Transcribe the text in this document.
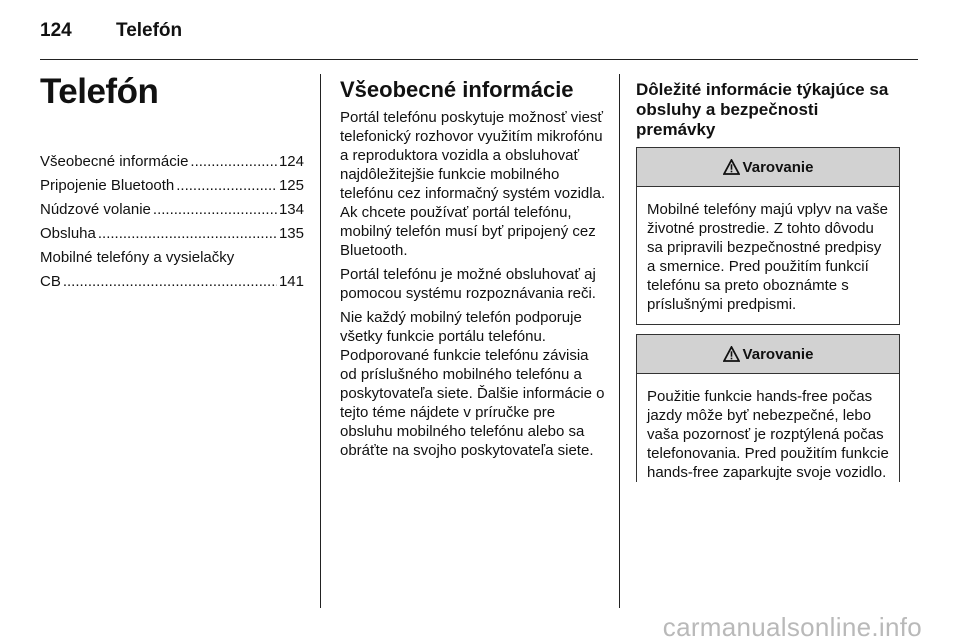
124 Telefón
Telefón
Všeobecné informácie .....	124
Pripojenie Bluetooth .....	125
Núdzové volanie .....	134
Obsluha .....	135
Mobilné telefóny a vysielačky
CB .....	141
Všeobecné informácie

Portál telefónu poskytuje možnosť viesť telefonický rozhovor využitím mikrofónu a reproduktora vozidla a obsluhovať najdôležitejšie funkcie mobilného telefónu cez informačný systém vozidla. Ak chcete používať portál telefónu, mobilný telefón musí byť pripojený cez Bluetooth.

Portál telefónu je možné obsluhovať aj pomocou systému rozpoznávania reči.

Nie každý mobilný telefón podporuje všetky funkcie portálu telefónu. Podporované funkcie telefónu závisia od príslušného mobilného telefónu a poskytovateľa siete. Ďalšie informácie o tejto téme nájdete v príručke pre obsluhu mobilného telefónu alebo sa obráťte na svojho poskytovateľa siete.

Dôležité informácie týkajúce sa obsluhy a bezpečnosti premávky
Varovanie
Mobilné telefóny majú vplyv na vaše životné prostredie. Z tohto dôvodu sa pripravili bezpečnostné predpisy a smernice. Pred použitím funkcií telefónu sa preto oboznámte s príslušnými predpismi.
Varovanie
Použitie funkcie hands-free počas jazdy môže byť nebezpečné, lebo vaša pozornosť je rozptýlená počas telefonovania. Pred použitím funkcie hands-free zaparkujte svoje vozidlo.
carmanualsonline.info
